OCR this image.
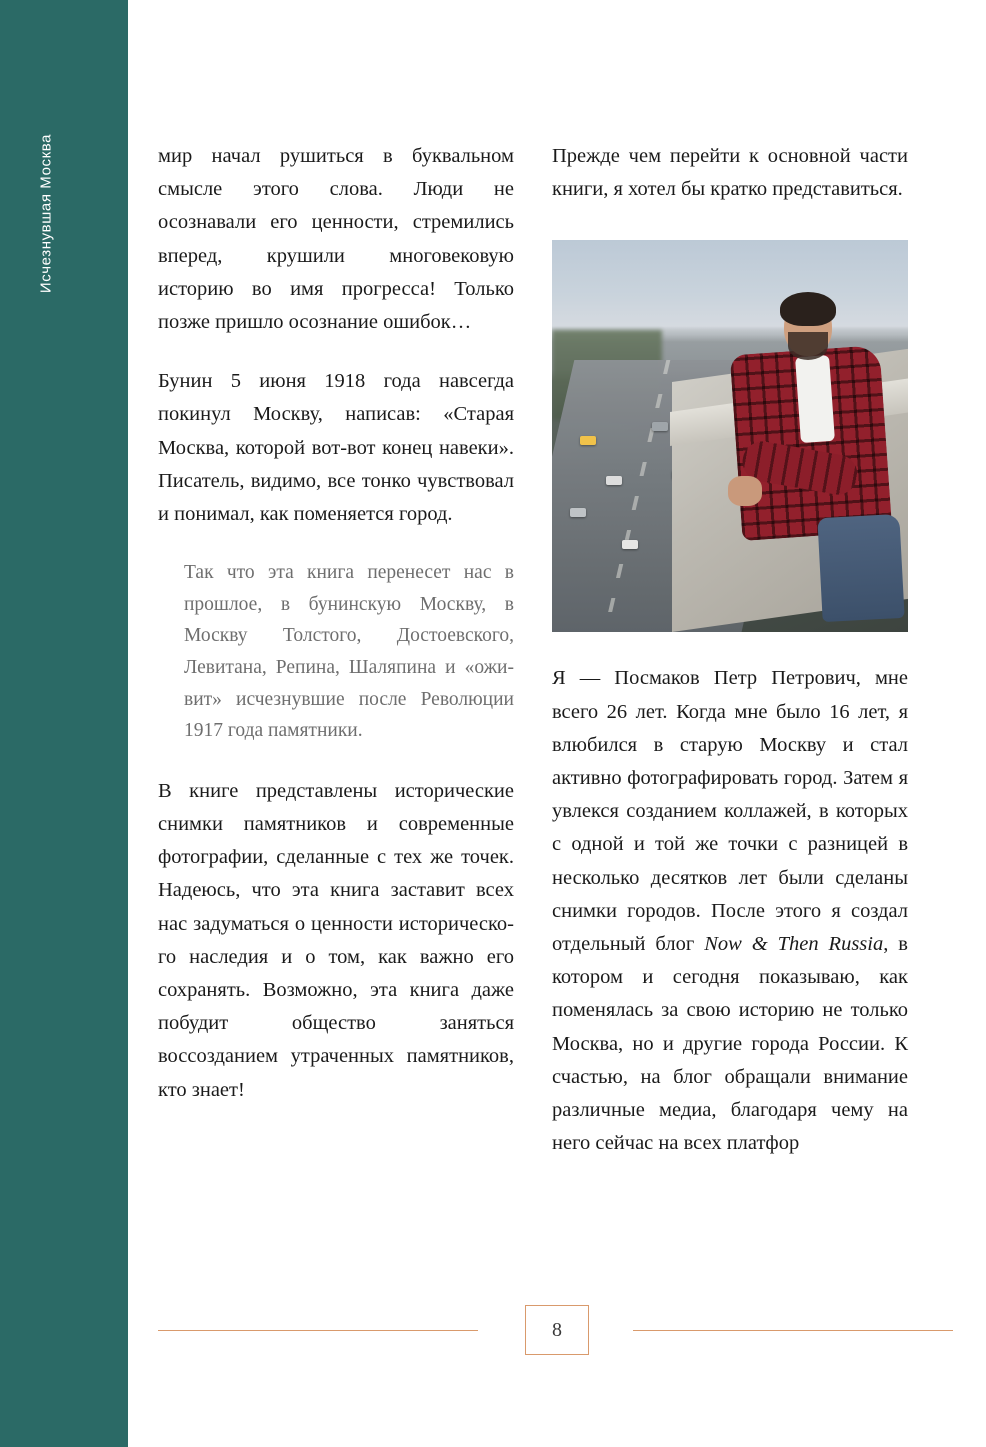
Исчезнувшая Москва	мир начал рушиться в буквальном смысле этого слова. Люди не осознавали его ценности, стремились вперед, крушили многовековую историю во имя прогресса! Только позже пришло осознание ошибок…

Бунин 5 июня 1918 года навсегда покинул Москву, написав: «Старая Москва, которой вот-вот конец навеки». Писатель, видимо, все тонко чувствовал и понимал, как поменяется город.

Так что эта книга перенесет нас в прошлое, в бунинскую Москву, в Москву Толстого, Достоевского, Левитана, Репина, Шаляпина и «оживит» исчезнувшие после Революции 1917 года памятники.

В книге представлены исторические снимки памятников и современные фотографии, сделанные с тех же точек. Надеюсь, что эта книга заставит всех нас задуматься о ценности исторического наследия и о том, как важно его сохранять. Возможно, эта книга даже побудит общество заняться воссозданием утраченных памятников, кто знает!

Прежде чем перейти к основной части книги, я хотел бы кратко представиться.

Я — Посмаков Петр Петрович, мне всего 26 лет. Когда мне было 16 лет, я влюбился в старую Москву и стал активно фотографировать город. Затем я увлекся созданием коллажей, в которых с одной и той же точки с разницей в несколько десятков лет были сделаны снимки городов. После этого я создал отдельный блог Now & Then Russia, в котором и сегодня показываю, как поменялась за свою историю не только Москва, но и другие города России. К счастью, на блог обращали внимание различные медиа, благодаря чему на него сейчас на всех платфор

8
